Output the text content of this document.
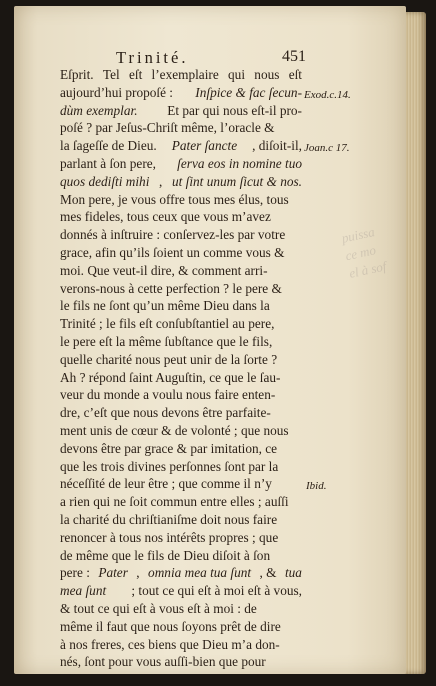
puissa
ce mo
el à sof
Trinité.	451
Eſprit. Tel eſt l’exemplaire qui nous eſt
aujourd’hui propoſé : Inſpice & fac ſecun-
dùm exemplar. Et par qui nous eſt-il pro-
poſé ? par Jeſus-Chriſt même, l’oracle &
la ſageſſe de Dieu. Pater ſancte , diſoit-il,
parlant à ſon pere, ſerva eos in nomine tuo
quos dediſti mihi , ut ſint unum ſicut & nos.
Mon pere, je vous offre tous mes élus, tous
mes fideles, tous ceux que vous m’avez
donnés à inſtruire : conſervez-les par votre
grace, afin qu’ils ſoient un comme vous &
moi. Que veut-il dire, & comment arri-
verons-nous à cette perfection ? le pere &
le fils ne ſont qu’un même Dieu dans la
Trinité ; le fils eſt conſubſtantiel au pere,
le pere eſt la même ſubſtance que le fils,
quelle charité nous peut unir de la ſorte ?
Ah ? répond ſaint Auguſtin, ce que le ſau-
veur du monde a voulu nous faire enten-
dre, c’eſt que nous devons être parfaite-
ment unis de cœur & de volonté ; que nous
devons être par grace & par imitation, ce
que les trois divines perſonnes ſont par la
néceſſité de leur être ; que comme il n’y
a rien qui ne ſoit commun entre elles ; auſſi
la charité du chriſtianiſme doit nous faire
renoncer à tous nos intérêts propres ; que
de même que le fils de Dieu diſoit à ſon
pere : Pater , omnia mea tua ſunt , & tua
mea ſunt ; tout ce qui eſt à moi eſt à vous,
& tout ce qui eſt à vous eſt à moi : de
même il faut que nous ſoyons prêt de dire
à nos freres, ces biens que Dieu m’a don-
nés, ſont pour vous auſſi-bien que pour
Exod.c.14.
Joan.c 17.
Ibid.
